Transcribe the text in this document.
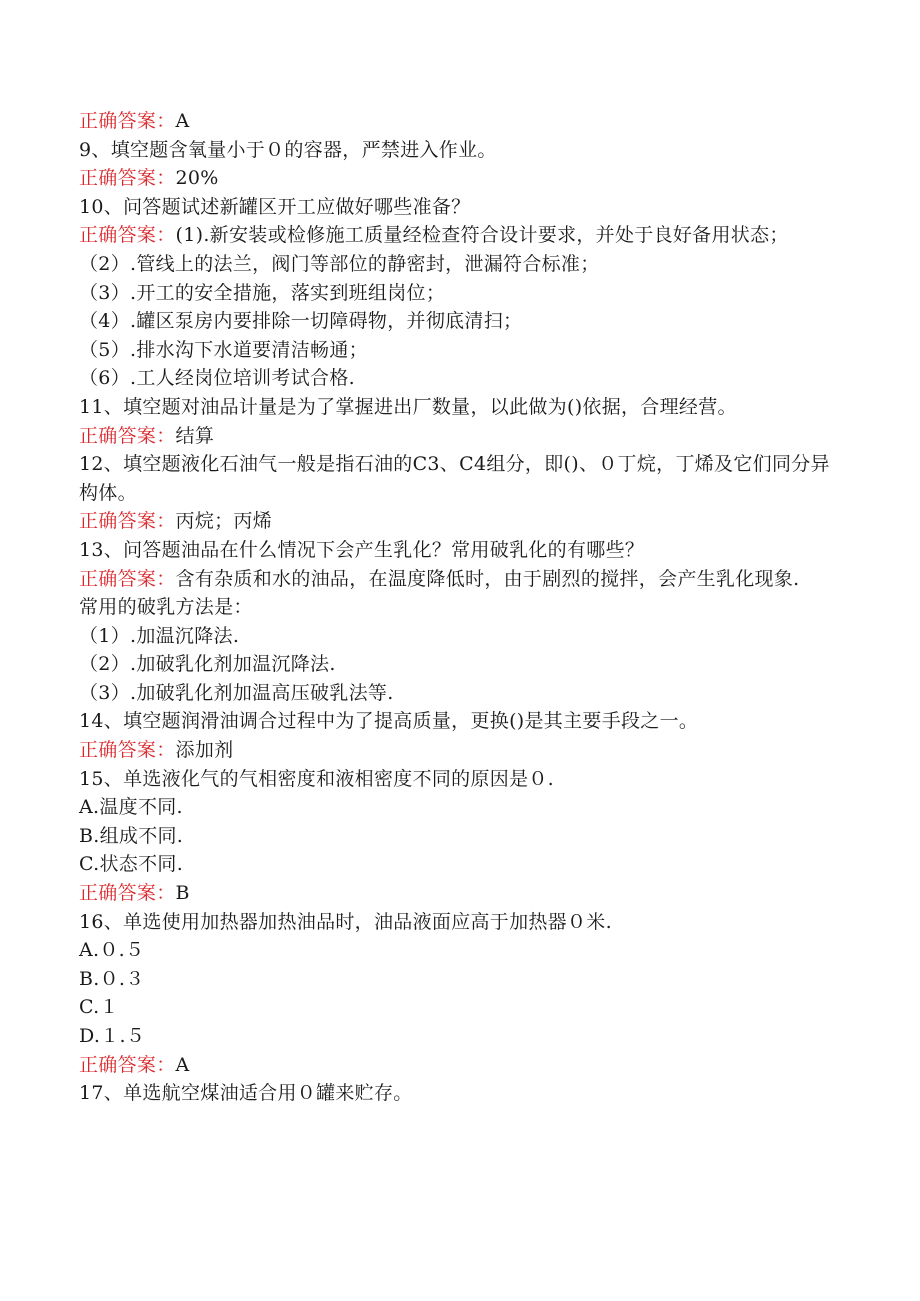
正确答案：A
9、填空题含氧量小于０的容器，严禁进入作业。
正确答案：20%
10、问答题试述新罐区开工应做好哪些准备？
正确答案：(1).新安装或检修施工质量经检查符合设计要求，并处于良好备用状态；
（2）.管线上的法兰，阀门等部位的静密封，泄漏符合标准；
（3）.开工的安全措施，落实到班组岗位；
（4）.罐区泵房内要排除一切障碍物，并彻底清扫；
（5）.排水沟下水道要清洁畅通；
（6）.工人经岗位培训考试合格.
11、填空题对油品计量是为了掌握进出厂数量，以此做为()依据，合理经营。
正确答案：结算
12、填空题液化石油气一般是指石油的C3、C4组分，即()、０丁烷，丁烯及它们同分异构体。
正确答案：丙烷；丙烯
13、问答题油品在什么情况下会产生乳化？常用破乳化的有哪些？
正确答案：含有杂质和水的油品，在温度降低时，由于剧烈的搅拌，会产生乳化现象.
常用的破乳方法是：
（1）.加温沉降法.
（2）.加破乳化剂加温沉降法.
（3）.加破乳化剂加温高压破乳法等.
14、填空题润滑油调合过程中为了提高质量，更换()是其主要手段之一。
正确答案：添加剂
15、单选液化气的气相密度和液相密度不同的原因是０.
A.温度不同.
B.组成不同.
C.状态不同.
正确答案：B
16、单选使用加热器加热油品时，油品液面应高于加热器０米.
A.０.５
B.０.３
C.１
D.１.５
正确答案：A
17、单选航空煤油适合用０罐来贮存。
